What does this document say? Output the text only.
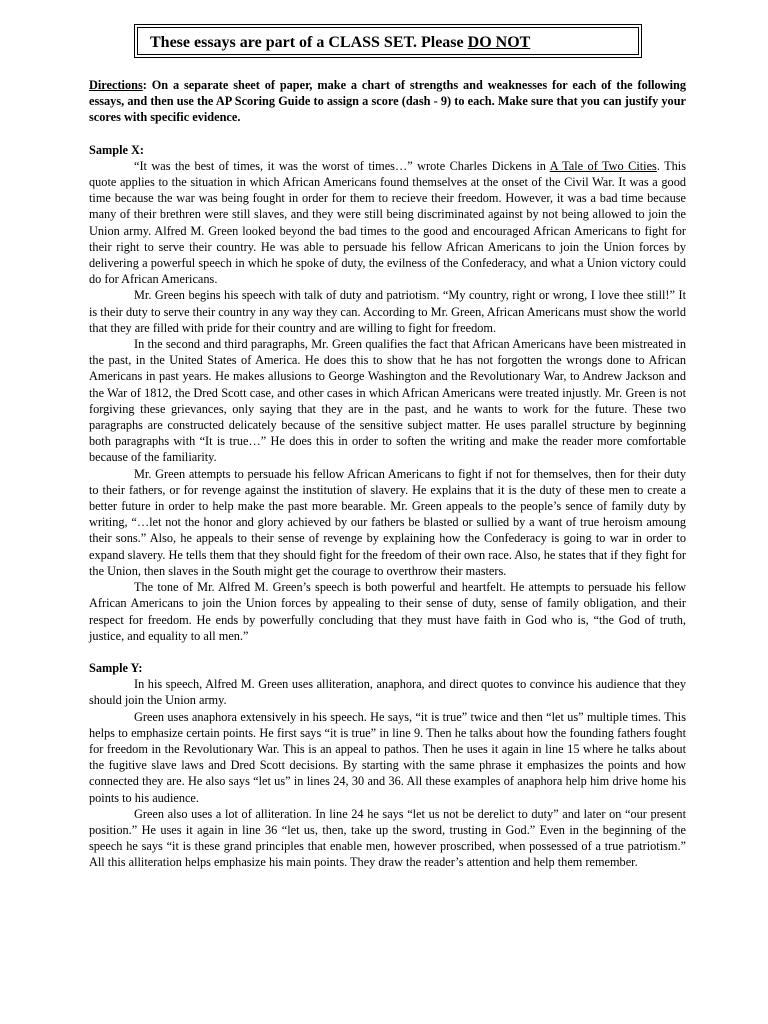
These essays are part of a CLASS SET. Please DO NOT

Directions: On a separate sheet of paper, make a chart of strengths and weaknesses for each of the following essays, and then use the AP Scoring Guide to assign a score (dash - 9) to each. Make sure that you can justify your scores with specific evidence.

Sample X:

“It was the best of times, it was the worst of times…” wrote Charles Dickens in A Tale of Two Cities. This quote applies to the situation in which African Americans found themselves at the onset of the Civil War. It was a good time because the war was being fought in order for them to recieve their freedom. However, it was a bad time because many of their brethren were still slaves, and they were still being discriminated against by not being allowed to join the Union army. Alfred M. Green looked beyond the bad times to the good and encouraged African Americans to fight for their right to serve their country. He was able to persuade his fellow African Americans to join the Union forces by delivering a powerful speech in which he spoke of duty, the evilness of the Confederacy, and what a Union victory could do for African Americans.

Mr. Green begins his speech with talk of duty and patriotism. “My country, right or wrong, I love thee still!” It is their duty to serve their country in any way they can. According to Mr. Green, African Americans must show the world that they are filled with pride for their country and are willing to fight for freedom.

In the second and third paragraphs, Mr. Green qualifies the fact that African Americans have been mistreated in the past, in the United States of America. He does this to show that he has not forgotten the wrongs done to African Americans in past years. He makes allusions to George Washington and the Revolutionary War, to Andrew Jackson and the War of 1812, the Dred Scott case, and other cases in which African Americans were treated injustly. Mr. Green is not forgiving these grievances, only saying that they are in the past, and he wants to work for the future. These two paragraphs are constructed delicately because of the sensitive subject matter. He uses parallel structure by beginning both paragraphs with “It is true…” He does this in order to soften the writing and make the reader more comfortable because of the familiarity.

Mr. Green attempts to persuade his fellow African Americans to fight if not for themselves, then for their duty to their fathers, or for revenge against the institution of slavery. He explains that it is the duty of these men to create a better future in order to help make the past more bearable. Mr. Green appeals to the people’s sence of family duty by writing, “…let not the honor and glory achieved by our fathers be blasted or sullied by a want of true heroism amoung their sons.” Also, he appeals to their sense of revenge by explaining how the Confederacy is going to war in order to expand slavery. He tells them that they should fight for the freedom of their own race. Also, he states that if they fight for the Union, then slaves in the South might get the courage to overthrow their masters.

The tone of Mr. Alfred M. Green’s speech is both powerful and heartfelt. He attempts to persuade his fellow African Americans to join the Union forces by appealing to their sense of duty, sense of family obligation, and their respect for freedom. He ends by powerfully concluding that they must have faith in God who is, “the God of truth, justice, and equality to all men.”

Sample Y:

In his speech, Alfred M. Green uses alliteration, anaphora, and direct quotes to convince his audience that they should join the Union army.

Green uses anaphora extensively in his speech. He says, “it is true” twice and then “let us” multiple times. This helps to emphasize certain points. He first says “it is true” in line 9. Then he talks about how the founding fathers fought for freedom in the Revolutionary War. This is an appeal to pathos. Then he uses it again in line 15 where he talks about the fugitive slave laws and Dred Scott decisions. By starting with the same phrase it emphasizes the points and how connected they are. He also says “let us” in lines 24, 30 and 36. All these examples of anaphora help him drive home his points to his audience.

Green also uses a lot of alliteration. In line 24 he says “let us not be derelict to duty” and later on “our present position.” He uses it again in line 36 “let us, then, take up the sword, trusting in God.” Even in the beginning of the speech he says “it is these grand principles that enable men, however proscribed, when possessed of a true patriotism.” All this alliteration helps emphasize his main points. They draw the reader’s attention and help them remember.
